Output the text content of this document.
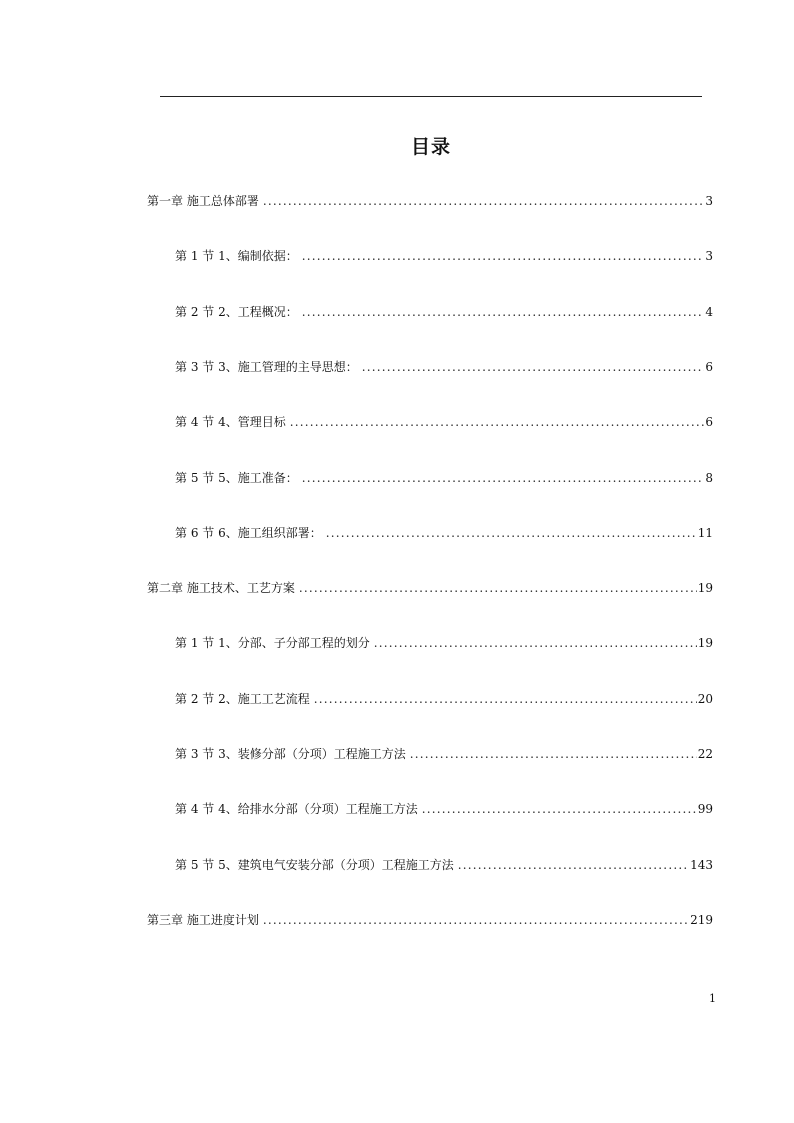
目录
第一章 施工总体部署 .....	3
第 1 节 1、编制依据： .....	3
第 2 节 2、工程概况： .....	4
第 3 节 3、施工管理的主导思想： .....	6
第 4 节 4、管理目标 .....	6
第 5 节 5、施工准备： .....	8
第 6 节 6、施工组织部署： .....	11
第二章 施工技术、工艺方案 .....	19
第 1 节 1、分部、子分部工程的划分 .....	19
第 2 节 2、施工工艺流程 .....	20
第 3 节 3、装修分部（分项）工程施工方法 .....	22
第 4 节 4、给排水分部（分项）工程施工方法 .....	99
第 5 节 5、建筑电气安装分部（分项）工程施工方法 .....	143
第三章 施工进度计划 .....	219
1
